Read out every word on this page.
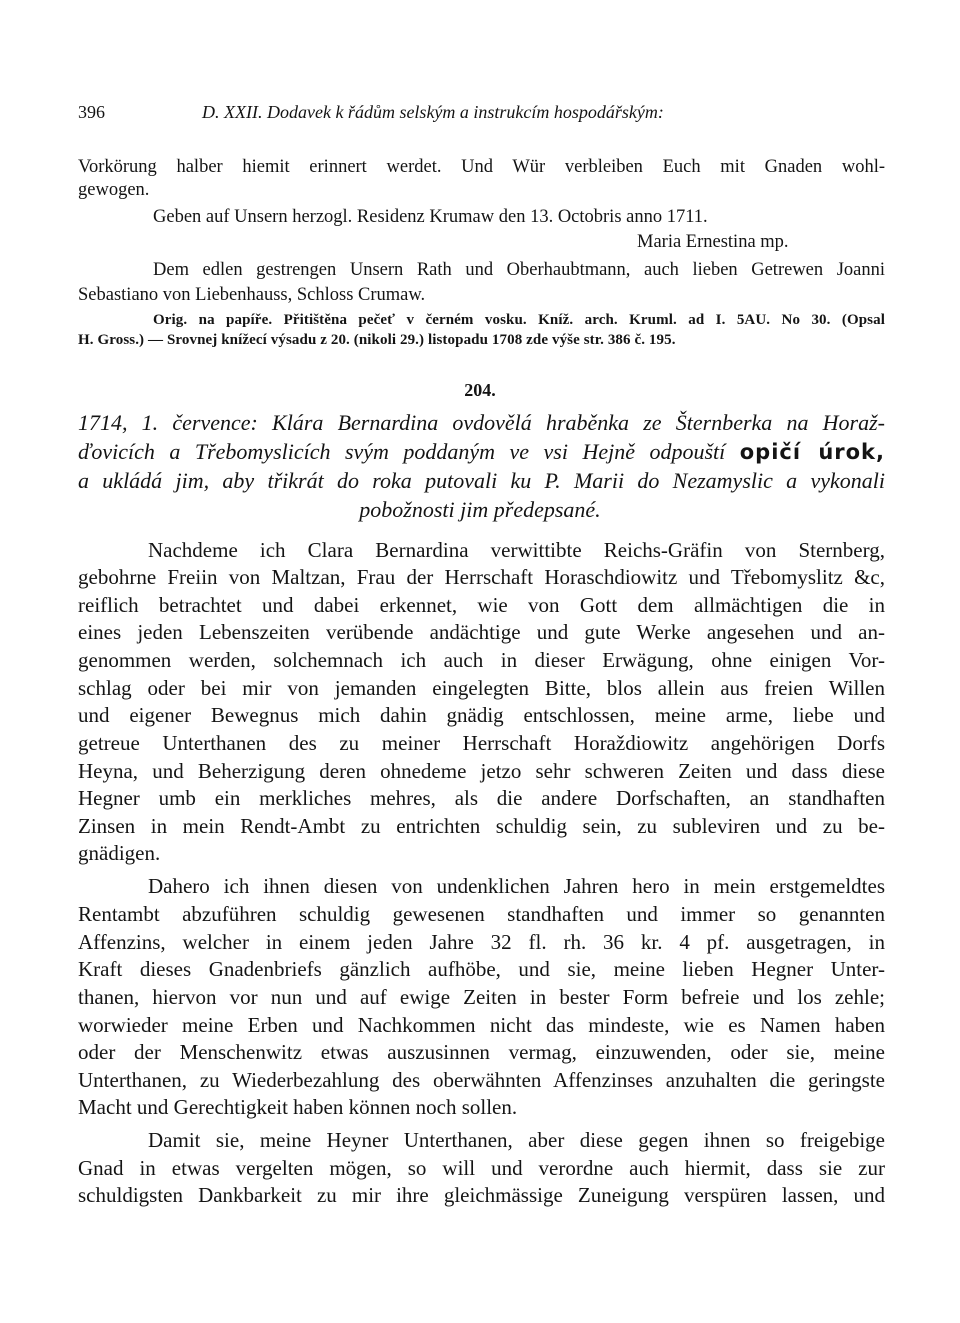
396	D. XXII. Dodavek k řádům selským a instrukcím hospodářským:
Vorkörung halber hiemit erinnert werdet. Und Wür verbleiben Euch mit Gnaden wohl-
gewogen.
Geben auf Unsern herzogl. Residenz Krumaw den 13. Octobris anno 1711.
Maria Ernestina mp.
Dem edlen gestrengen Unsern Rath und Oberhaubtmann, auch lieben Getrewen Joanni
Sebastiano von Liebenhauss, Schloss Crumaw.
Orig. na papíře. Přitištěna pečeť v černém vosku. Kníž. arch. Kruml. ad I. 5AU. No 30. (Opsal
H. Gross.) — Srovnej knížecí výsadu z 20. (nikoli 29.) listopadu 1708 zde výše str. 386 č. 195.
204.
1714, 1. července: Klára Bernardina ovdovělá hraběnka ze Šternberka na Horaž-
ďovicích a Třebomyslicích svým poddaným ve vsi Hejně odpouští opičí úrok,
a ukládá jim, aby třikrát do roka putovali ku P. Marii do Nezamyslic a vykonali
pobožnosti jim předepsané.
Nachdeme ich Clara Bernardina verwittibte Reichs-Gräfin von Sternberg,
gebohrne Freiin von Maltzan, Frau der Herrschaft Horaschdiowitz und Třebomyslitz &c,
reiflich betrachtet und dabei erkennet, wie von Gott dem allmächtigen die in
eines jeden Lebenszeiten verübende andächtige und gute Werke angesehen und an-
genommen werden, solchemnach ich auch in dieser Erwägung, ohne einigen Vor-
schlag oder bei mir von jemanden eingelegten Bitte, blos allein aus freien Willen
und eigener Bewegnus mich dahin gnädig entschlossen, meine arme, liebe und
getreue Unterthanen des zu meiner Herrschaft Horaždiowitz angehörigen Dorfs
Heyna, und Beherzigung deren ohnedeme jetzo sehr schweren Zeiten und dass diese
Hegner umb ein merkliches mehres, als die andere Dorfschaften, an standhaften
Zinsen in mein Rendt-Ambt zu entrichten schuldig sein, zu subleviren und zu be-
gnädigen.
Dahero ich ihnen diesen von undenklichen Jahren hero in mein erstgemeldtes
Rentambt abzuführen schuldig gewesenen standhaften und immer so genannten
Affenzins, welcher in einem jeden Jahre 32 fl. rh. 36 kr. 4 pf. ausgetragen, in
Kraft dieses Gnadenbriefs gänzlich aufhöbe, und sie, meine lieben Hegner Unter-
thanen, hiervon vor nun und auf ewige Zeiten in bester Form befreie und los zehle;
worwieder meine Erben und Nachkommen nicht das mindeste, wie es Namen haben
oder der Menschenwitz etwas auszusinnen vermag, einzuwenden, oder sie, meine
Unterthanen, zu Wiederbezahlung des oberwähnten Affenzinses anzuhalten die geringste
Macht und Gerechtigkeit haben können noch sollen.
Damit sie, meine Heyner Unterthanen, aber diese gegen ihnen so freigebige
Gnad in etwas vergelten mögen, so will und verordne auch hiermit, dass sie zur
schuldigsten Dankbarkeit zu mir ihre gleichmässige Zuneigung verspüren lassen, und
